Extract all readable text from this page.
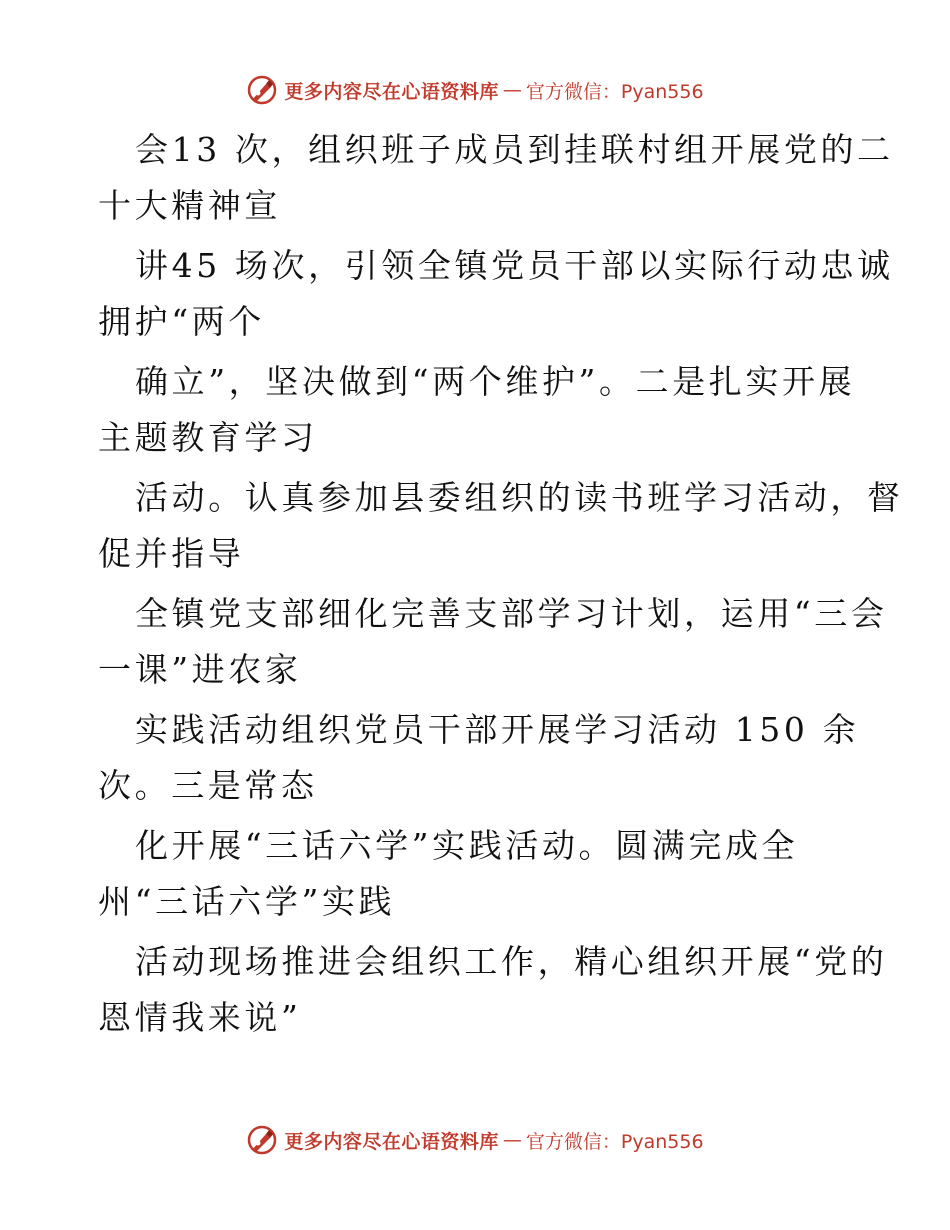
更多内容尽在心语资料库 — 官方微信：Pyan556
会13 次，组织班子成员到挂联村组开展党的二
十大精神宣
讲45 场次，引领全镇党员干部以实际行动忠诚
拥护“两个
确立”，坚决做到“两个维护”。二是扎实开展
主题教育学习
活动。认真参加县委组织的读书班学习活动，督
促并指导
全镇党支部细化完善支部学习计划，运用“三会
一课”进农家
实践活动组织党员干部开展学习活动 150 余
次。三是常态
化开展“三话六学”实践活动。圆满完成全
州“三话六学”实践
活动现场推进会组织工作，精心组织开展“党的
恩情我来说”
更多内容尽在心语资料库 — 官方微信：Pyan556
